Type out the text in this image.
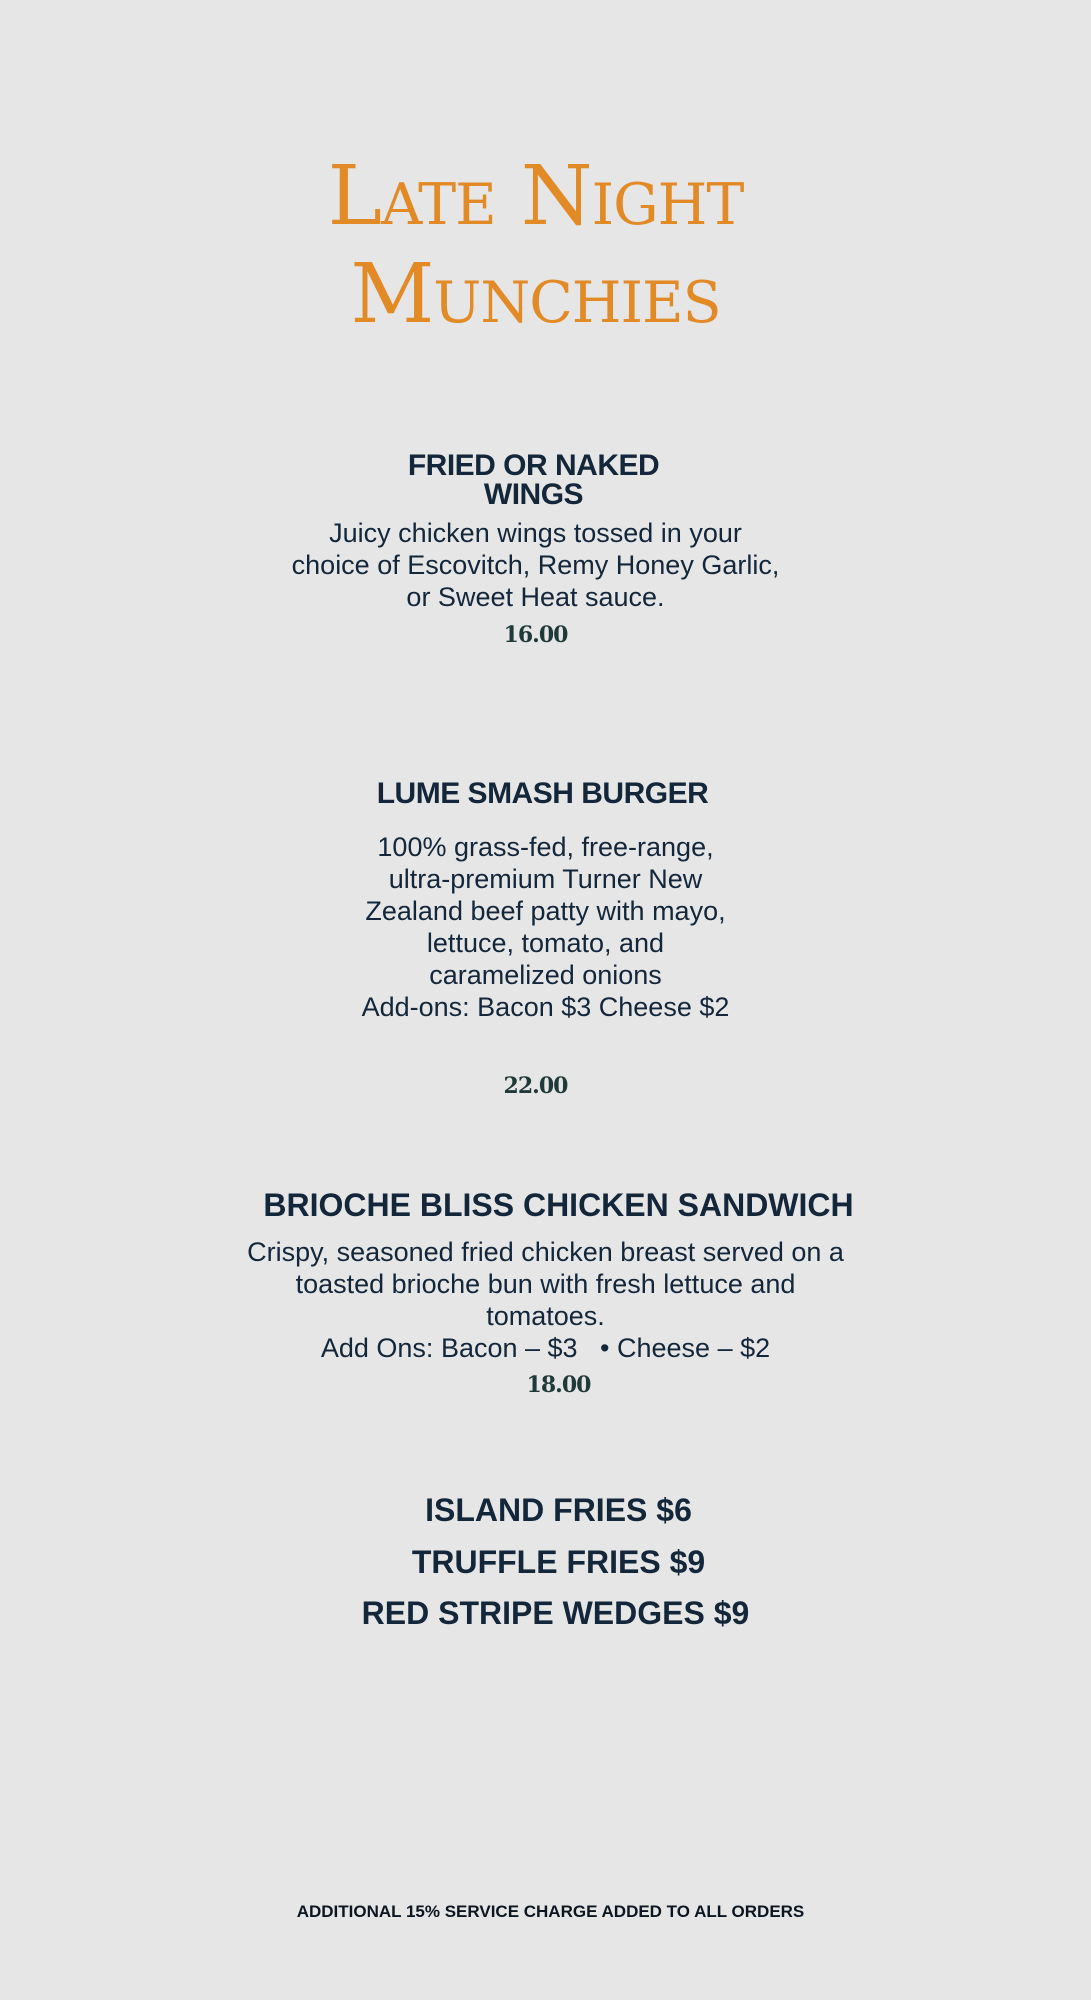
Late Night
Munchies
FRIED OR NAKED
WINGS
Juicy chicken wings tossed in your
choice of Escovitch, Remy Honey Garlic,
or Sweet Heat sauce.
16.00
LUME SMASH BURGER
100% grass-fed, free-range,
ultra-premium Turner New
Zealand beef patty with mayo,
lettuce, tomato, and
caramelized onions
Add-ons: Bacon $3 Cheese $2
22.00
BRIOCHE BLISS CHICKEN SANDWICH
Crispy, seasoned fried chicken breast served on a
toasted brioche bun with fresh lettuce and
tomatoes.
Add Ons: Bacon – $3   • Cheese – $2
18.00
ISLAND FRIES $6
TRUFFLE FRIES $9
RED STRIPE WEDGES $9
ADDITIONAL 15% SERVICE CHARGE ADDED TO ALL ORDERS
